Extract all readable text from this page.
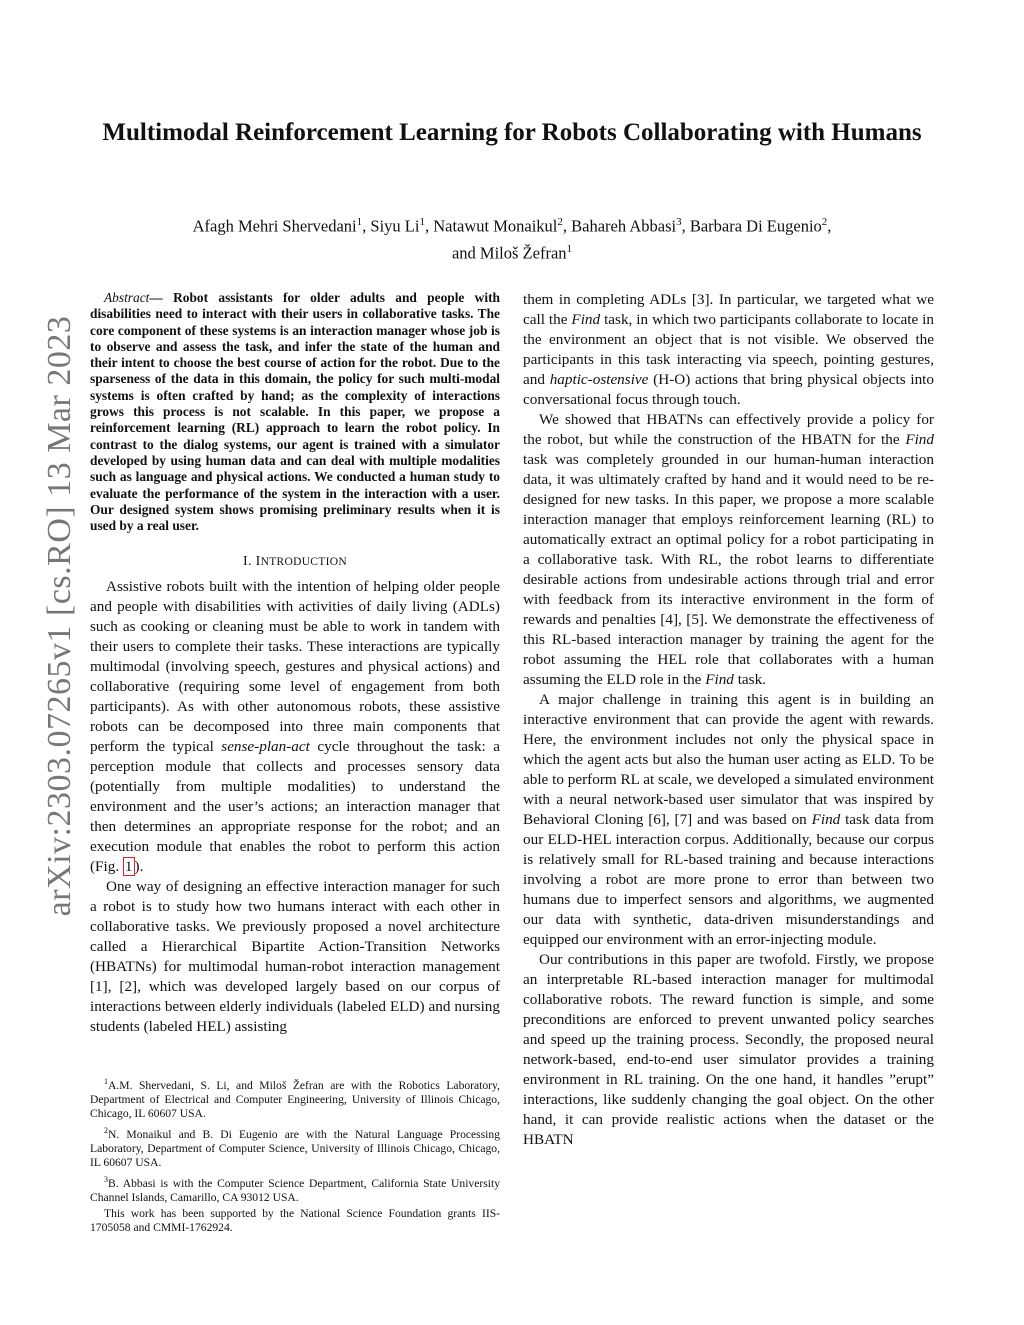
Multimodal Reinforcement Learning for Robots Collaborating with Humans
Afagh Mehri Shervedani$^1$, Siyu Li$^1$, Natawut Monaikul$^2$, Bahareh Abbasi$^3$, Barbara Di Eugenio$^2$,
and Miloš Žefran$^1$
arXiv:2303.07265v1 [cs.RO] 13 Mar 2023

Abstract— Robot assistants for older adults and people with disabilities need to interact with their users in collaborative tasks. The core component of these systems is an interaction manager whose job is to observe and assess the task, and infer the state of the human and their intent to choose the best course of action for the robot. Due to the sparseness of the data in this domain, the policy for such multi-modal systems is often crafted by hand; as the complexity of interactions grows this process is not scalable. In this paper, we propose a reinforcement learning (RL) approach to learn the robot policy. In contrast to the dialog systems, our agent is trained with a simulator developed by using human data and can deal with multiple modalities such as language and physical actions. We conducted a human study to evaluate the performance of the system in the interaction with a user. Our designed system shows promising preliminary results when it is used by a real user.

I. INTRODUCTION

Assistive robots built with the intention of helping older people and people with disabilities with activities of daily living (ADLs) such as cooking or cleaning must be able to work in tandem with their users to complete their tasks. These interactions are typically multimodal (involving speech, gestures and physical actions) and collaborative (requiring some level of engagement from both participants). As with other autonomous robots, these assistive robots can be decomposed into three main components that perform the typical sense-plan-act cycle throughout the task: a perception module that collects and processes sensory data (potentially from multiple modalities) to understand the environment and the user’s actions; an interaction manager that then determines an appropriate response for the robot; and an execution module that enables the robot to perform this action (Fig. 1 ).

One way of designing an effective interaction manager for such a robot is to study how two humans interact with each other in collaborative tasks. We previously proposed a novel architecture called a Hierarchical Bipartite Action-Transition Networks (HBATNs) for multimodal human-robot interaction management [1], [2], which was developed largely based on our corpus of interactions between elderly individuals (labeled ELD) and nursing students (labeled HEL) assisting

$^1$A.M. Shervedani, S. Li, and Miloš Žefran are with the Robotics Laboratory, Department of Electrical and Computer Engineering, University of Illinois Chicago, Chicago, IL 60607 USA.

$^2$N. Monaikul and B. Di Eugenio are with the Natural Language Processing Laboratory, Department of Computer Science, University of Illinois Chicago, Chicago, IL 60607 USA.

$^3$B. Abbasi is with the Computer Science Department, California State University Channel Islands, Camarillo, CA 93012 USA.

This work has been supported by the National Science Foundation grants IIS-1705058 and CMMI-1762924.

them in completing ADLs [3]. In particular, we targeted what we call the Find task, in which two participants collaborate to locate in the environment an object that is not visible. We observed the participants in this task interacting via speech, pointing gestures, and haptic-ostensive (H-O) actions that bring physical objects into conversational focus through touch.

We showed that HBATNs can effectively provide a policy for the robot, but while the construction of the HBATN for the Find task was completely grounded in our human-human interaction data, it was ultimately crafted by hand and it would need to be re-designed for new tasks. In this paper, we propose a more scalable interaction manager that employs reinforcement learning (RL) to automatically extract an optimal policy for a robot participating in a collaborative task. With RL, the robot learns to differentiate desirable actions from undesirable actions through trial and error with feedback from its interactive environment in the form of rewards and penalties [4], [5]. We demonstrate the effectiveness of this RL-based interaction manager by training the agent for the robot assuming the HEL role that collaborates with a human assuming the ELD role in the Find task.

A major challenge in training this agent is in building an interactive environment that can provide the agent with rewards. Here, the environment includes not only the physical space in which the agent acts but also the human user acting as ELD. To be able to perform RL at scale, we developed a simulated environment with a neural network-based user simulator that was inspired by Behavioral Cloning [6], [7] and was based on Find task data from our ELD-HEL interaction corpus. Additionally, because our corpus is relatively small for RL-based training and because interactions involving a robot are more prone to error than between two humans due to imperfect sensors and algorithms, we augmented our data with synthetic, data-driven misunderstandings and equipped our environment with an error-injecting module.

Our contributions in this paper are twofold. Firstly, we propose an interpretable RL-based interaction manager for multimodal collaborative robots. The reward function is simple, and some preconditions are enforced to prevent unwanted policy searches and speed up the training process. Secondly, the proposed neural network-based, end-to-end user simulator provides a training environment in RL training. On the one hand, it handles ”erupt” interactions, like suddenly changing the goal object. On the other hand, it can provide realistic actions when the dataset or the HBATN
